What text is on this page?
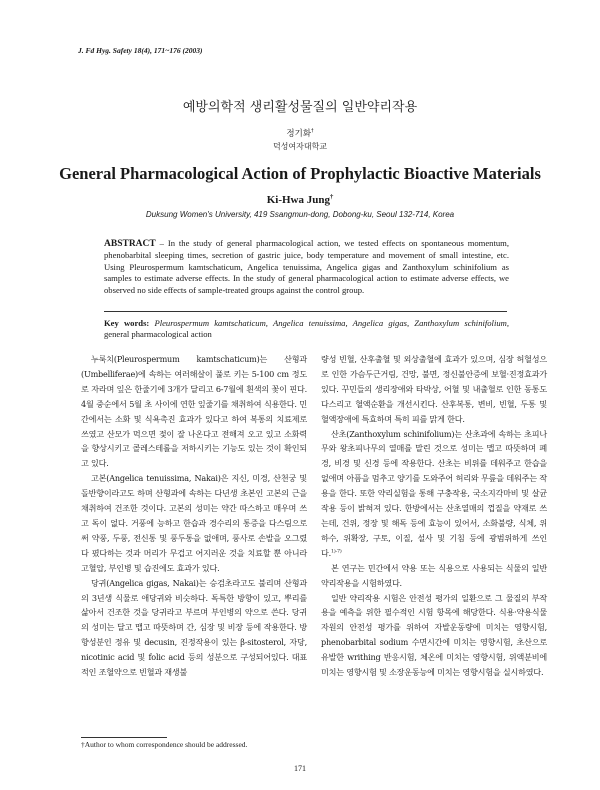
J. Fd Hyg. Safety 18(4), 171~176 (2003)
예방의학적 생리활성물질의 일반약리작용
정기화†
덕성여자대학교
General Pharmacological Action of Prophylactic Bioactive Materials
Ki-Hwa Jung†
Duksung Women's University, 419 Ssangmun-dong, Dobong-ku, Seoul 132-714, Korea
ABSTRACT – In the study of general pharmacological action, we tested effects on spontaneous momentum, phenobarbital sleeping times, secretion of gastric juice, body temperature and movement of small intestine, etc. Using Pleurospermum kamtschaticum, Angelica tenuissima, Angelica gigas and Zanthoxylum schinifolium as samples to estimate adverse effects. In the study of general pharmacological action to estimate adverse effects, we observed no side effects of sample-treated groups against the control group.
Key words: Pleurospermum kamtschaticum, Angelica tenuissima, Angelica gigas, Zanthoxylum schinifolium, general pharmacological action

누룩치(Pleurospermum kamtschaticum)는 산형과(Umbelliferae)에 속하는 여러해살이 풀로 키는 5-100 cm 정도로 자라며 잎은 한줄기에 3개가 달리고 6-7월에 흰색의 꽃이 핀다. 4월 중순에서 5월 초 사이에 연한 잎줄기를 채취하여 식용한다. 민간에서는 소화 및 식욕촉진 효과가 있다고 하여 복통의 치료제로 쓰였고 산모가 먹으면 젖이 잘 나온다고 전해져 오고 있고 소화력을 향상시키고 콜레스테롤을 저하시키는 기능도 있는 것이 확인되고 있다.

고본(Angelica tenuissima, Nakai)은 지신, 미경, 산천궁 및 돌반향이라고도 하며 산형과에 속하는 다년생 초본인 고본의 근을 채취하여 건조한 것이다. 고본의 성미는 약간 따스하고 매우며 쓰고 독이 없다. 거풍에 능하고 한습과 경수리의 통증을 다스림으로써 약풍, 두풍, 전신통 및 풍두통을 없애며, 풍사로 손발을 오그렸다 폈다하는 것과 머리가 무겁고 어지러운 것을 치료할 뿐 아니라 고혈압, 부인병 및 습진에도 효과가 있다.

당귀(Angelica gigas, Nakai)는 승검초라고도 불리며 산형과의 3년생 식물로 애당귀와 비슷하다. 독특한 방향이 있고, 뿌리를 삶아서 건조한 것을 당귀라고 부르며 부인병의 약으로 쓴다. 당귀의 성미는 달고 맵고 따뜻하며 간, 심장 및 비장 등에 작용한다. 방향성분인 정유 및 decusin, 진정작용이 있는 β-sitosterol, 자당, nicotinic acid 및 folic acid 등의 성분으로 구성되어있다. 대표적인 조혈약으로 빈혈과 재생불

량성 빈혈, 산후출혈 및 외상출혈에 효과가 있으며, 심장 허혈성으로 인한 가슴두근거림, 건망, 불면, 정신불안증에 보혈·진정효과가 있다. 꾸민들의 생리장애와 타박상, 어혈 및 내출혈로 인한 동통도 다스리고 혈액순환을 개선시킨다. 산후복통, 변비, 빈혈, 두통 및 혈액장애에 특효하며 특히 피를 맑게 한다.

산초(Zanthoxylum schinifolium)는 산초과에 속하는 초피나무와 왕초피나무의 열매를 말린 것으로 성미는 맵고 따뜻하며 폐경, 비경 및 신경 등에 작용한다. 산초는 비위를 데워주고 한습을 없애며 아픔을 멈추고 양기를 도와주어 허리와 무릎을 데워주는 작용을 한다. 또한 약리실험을 통해 구충작용, 국소지각마비 및 살균작용 등이 밝혀져 있다. 한방에서는 산초열매의 껍질을 약재로 쓰는데, 건위, 정장 및 해독 등에 효능이 있어서, 소화불량, 식체, 위하수, 위확장, 구토, 이질, 설사 및 기침 등에 광범위하게 쓰인다.$^{1)-7)}$

본 연구는 민간에서 약용 또는 식용으로 사용되는 식물의 일반 약리작용을 시험하였다.

일반 약리작용 시험은 안전성 평가의 일환으로 그 물질의 부작용을 예측을 위한 필수적인 시험 항목에 해당한다. 식용·약용식물 자원의 안전성 평가를 위하여 자발운동량에 미치는 영향시험, phenobarbital sodium 수면시간에 미치는 영향시험, 초산으로 유발한 writhing 반응시험, 체온에 미치는 영향시험, 위액분비에 미치는 영향시험 및 소장운동능에 미치는 영향시험을 실시하였다.

†Author to whom correspondence should be addressed.
171
